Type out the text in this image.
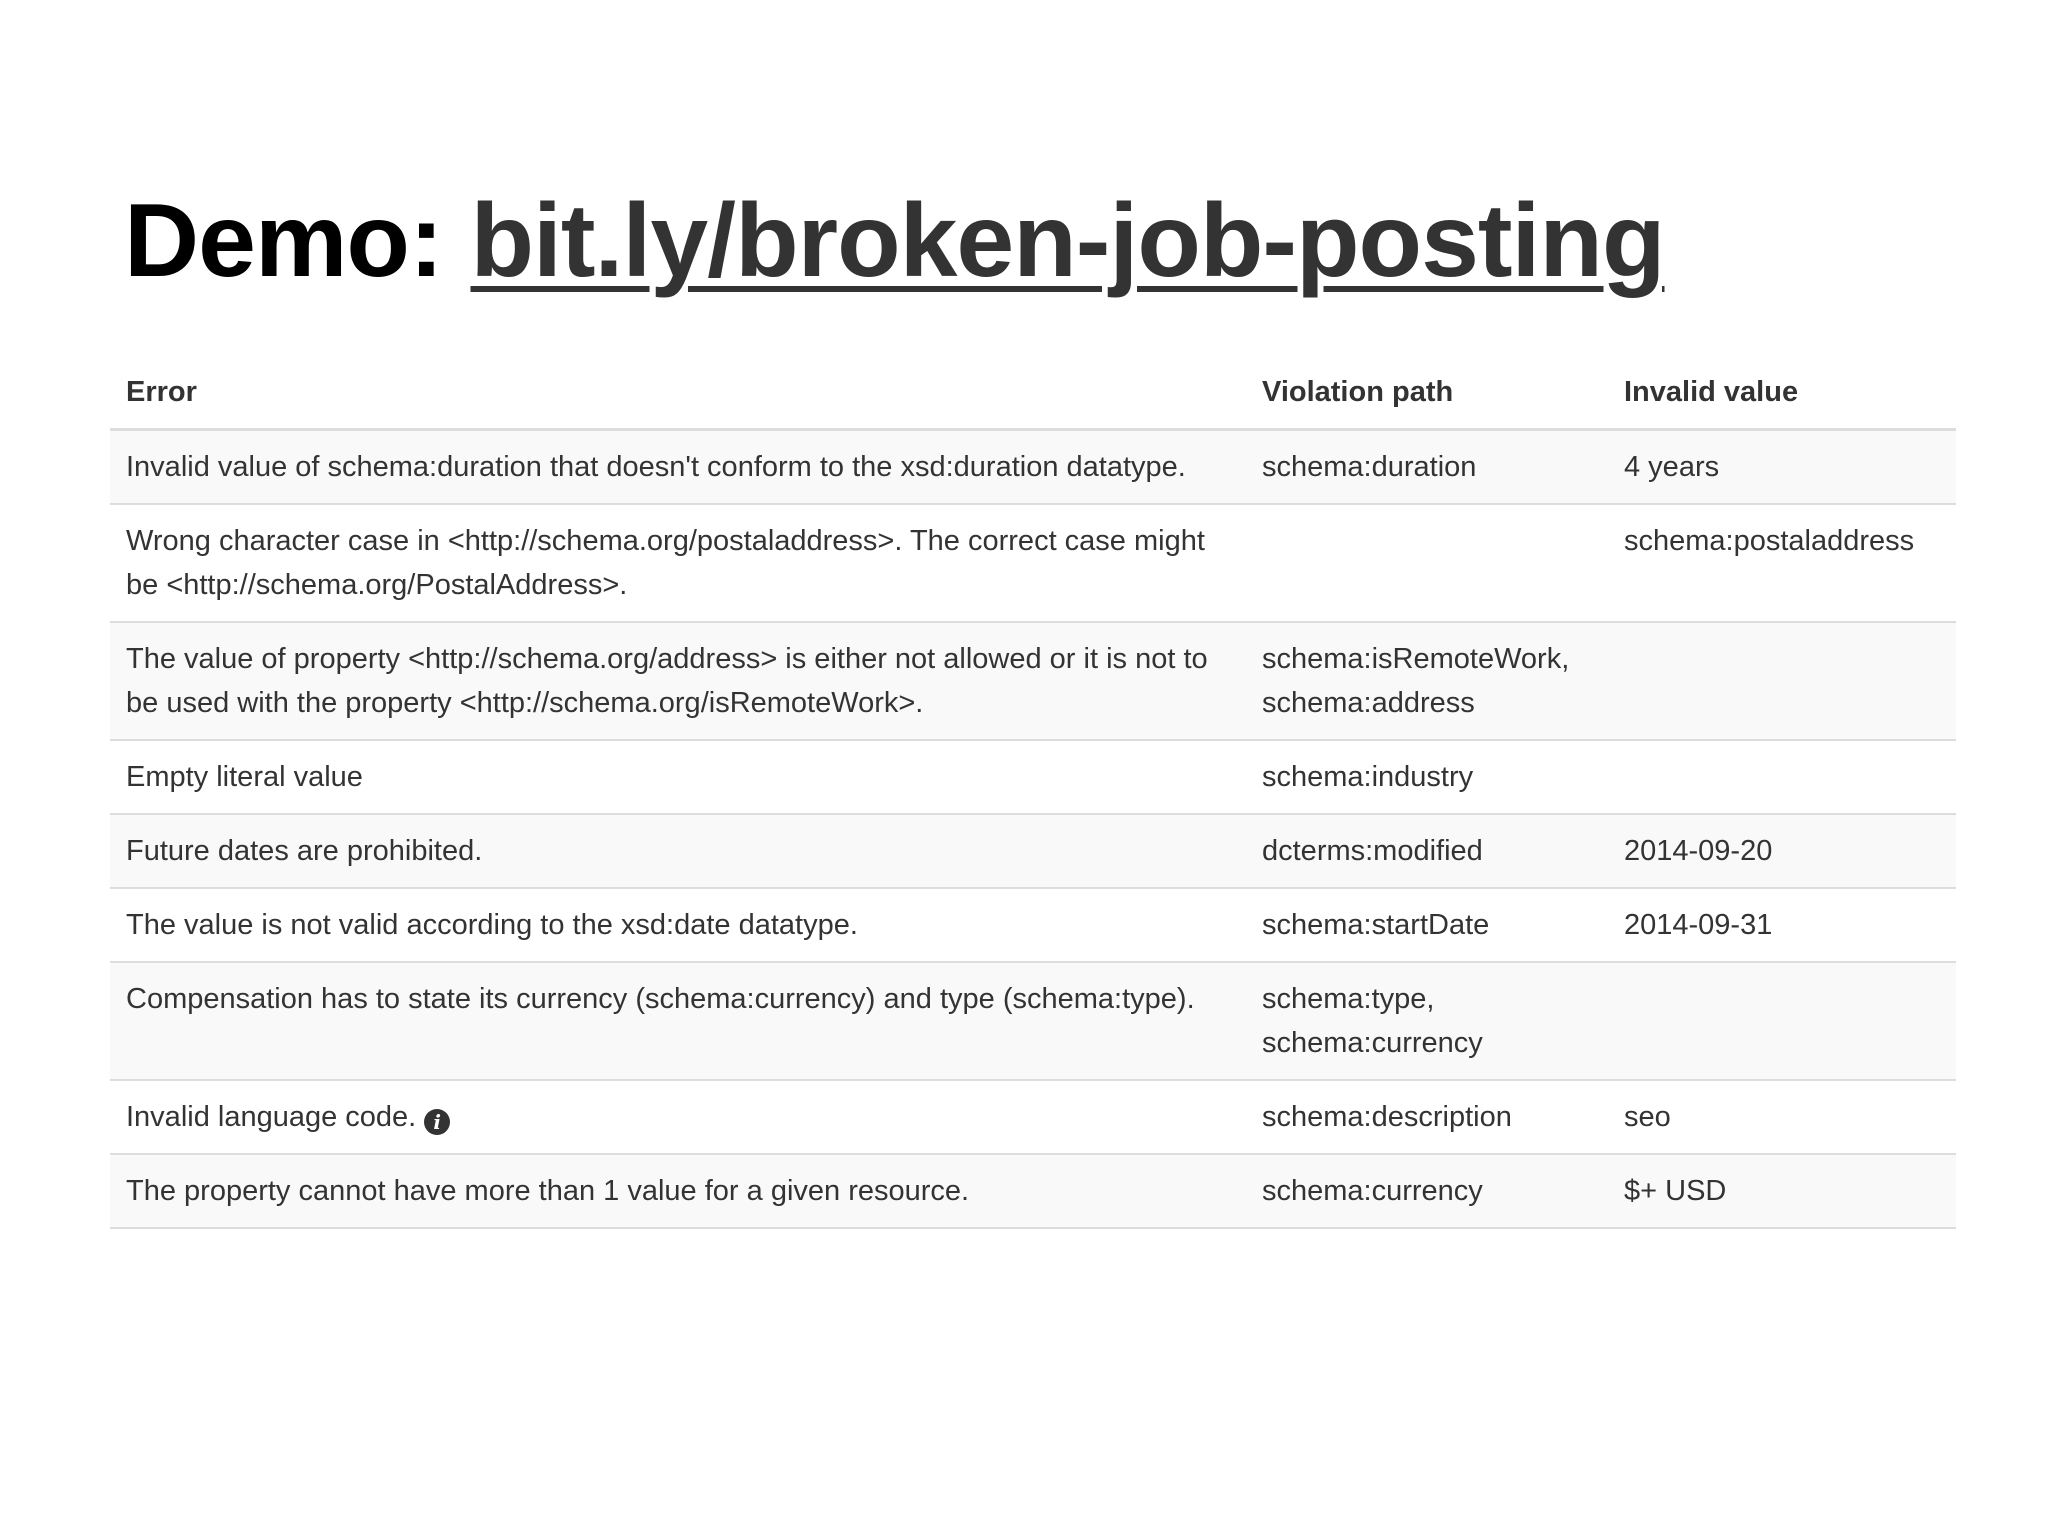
Demo: bit.ly/broken-job-posting
Error	Violation path	Invalid value
Invalid value of schema:duration that doesn't conform to the xsd:duration datatype.	schema:duration	4 years
Wrong character case in <http://schema.org/postaladdress>. The correct case might be <http://schema.org/PostalAddress>.		schema:postaladdress
The value of property <http://schema.org/address> is either not allowed or it is not to be used with the property <http://schema.org/isRemoteWork>.	schema:isRemoteWork, schema:address	
Empty literal value	schema:industry	
Future dates are prohibited.	dcterms:modified	2014-09-20
The value is not valid according to the xsd:date datatype.	schema:startDate	2014-09-31
Compensation has to state its currency (schema:currency) and type (schema:type).	schema:type, schema:currency	
Invalid language code. i	schema:description	seo
The property cannot have more than 1 value for a given resource.	schema:currency	$+ USD
